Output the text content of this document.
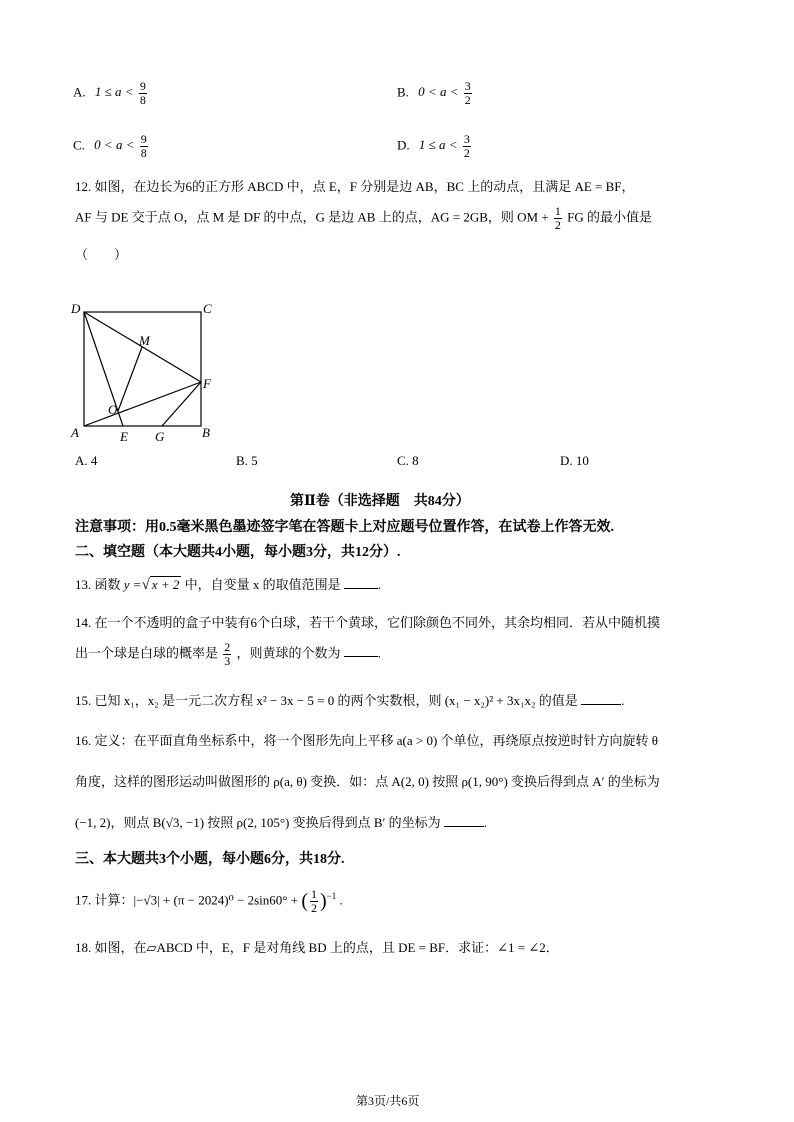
A. $1 \le a < \frac{9}{8}$	B. $0 < a < \frac{3}{2}$
C. $0 < a < \frac{9}{8}$	D. $1 \le a < \frac{3}{2}$
12. 如图，在边长为6的正方形 ABCD 中，点 E，F 分别是边 AB，BC 上的动点，且满足 AE = BF，
AF 与 DE 交于点 O，点 M 是 DF 的中点，G 是边 AB 上的点，AG = 2GB，则 OM + $\frac{1}{2}$ FG 的最小值是
（　　）
D	C
M
F
O
A	E G	B
A. 4	B. 5	C. 8	D. 10
第Ⅱ卷（非选择题　共84分）
注意事项：用0.5毫米黑色墨迹签字笔在答题卡上对应题号位置作答，在试卷上作答无效.
二、填空题（本大题共4小题，每小题3分，共12分）.
13. 函数 y =√ x + 2 中，自变量 x 的取值范围是	.
14. 在一个不透明的盒子中装有6个白球，若干个黄球，它们除颜色不同外，其余均相同．若从中随机摸
出一个球是白球的概率是 $\frac{2}{3}$ ，则黄球的个数为	.
15. 已知 x₁，x₂ 是一元二次方程 x² − 3x − 5 = 0 的两个实数根，则 (x₁ − x₂)² + 3x₁x₂ 的值是	.
16. 定义：在平面直角坐标系中，将一个图形先向上平移 a(a > 0) 个单位，再绕原点按逆时针方向旋转 θ
角度，这样的图形运动叫做图形的 ρ(a, θ) 变换．如：点 A(2, 0) 按照 ρ(1, 90°) 变换后得到点 A′ 的坐标为
(−1, 2)，则点 B(√3, −1) 按照 ρ(2, 105°) 变换后得到点 B′ 的坐标为	.
三、本大题共3个小题，每小题6分，共18分.
17. 计算：|−√3| + (π − 2024)⁰ − 2sin60° + ( $\frac{1}{2} )^{-1}$ .
18. 如图，在▱ABCD 中，E，F 是对角线 BD 上的点，且 DE = BF．求证：∠1 = ∠2．
第3页/共6页
